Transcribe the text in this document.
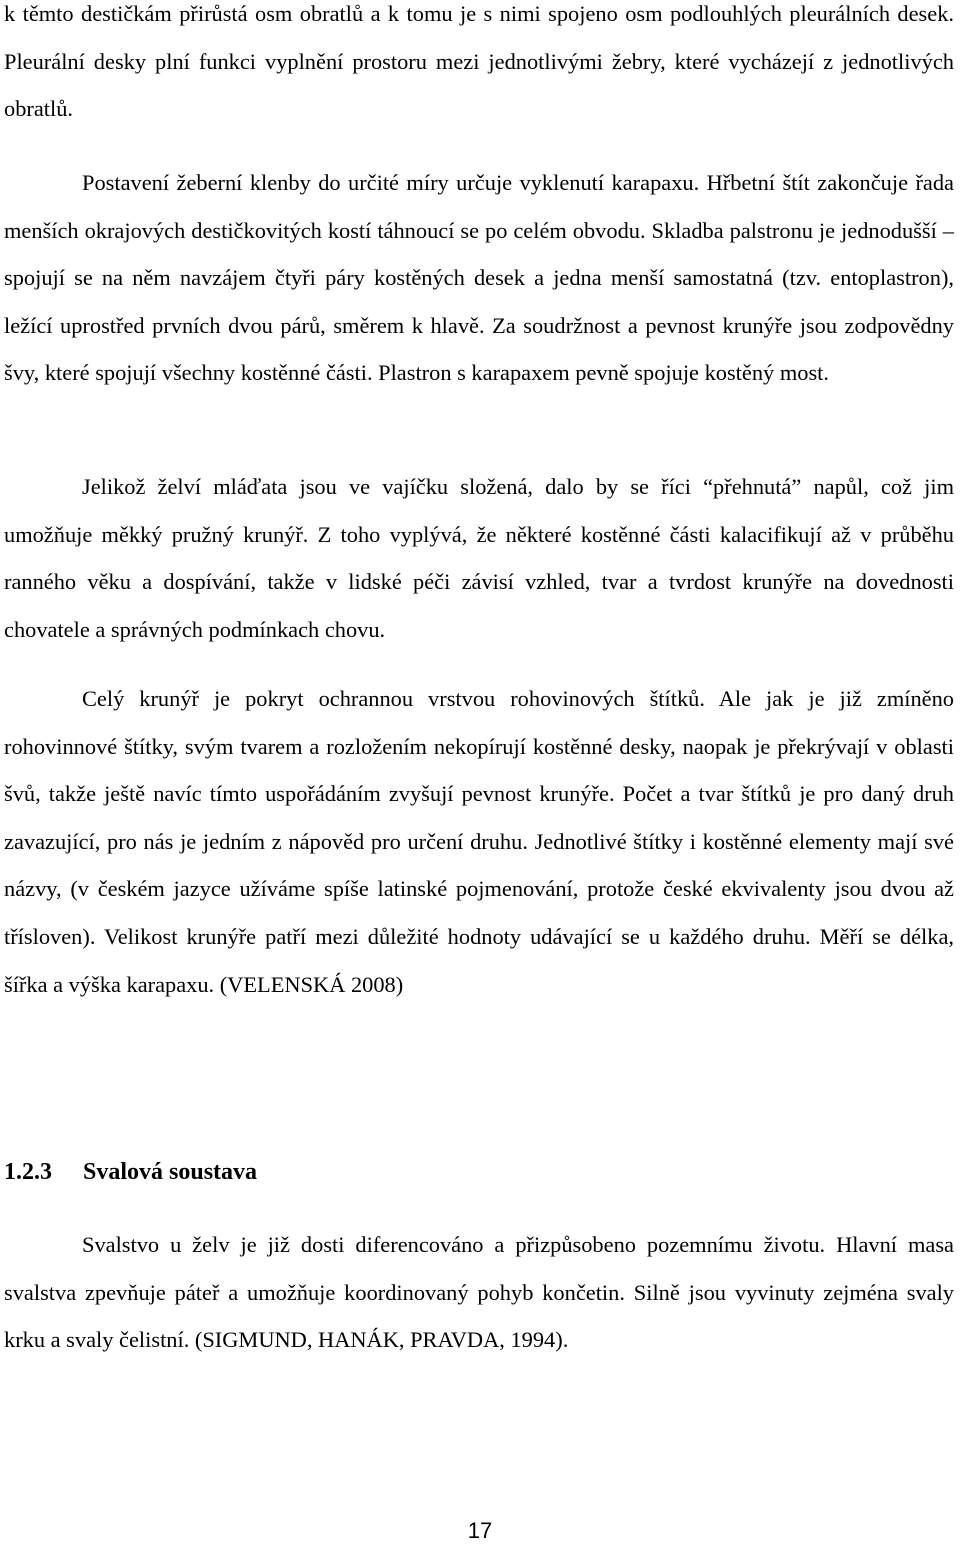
k těmto destičkám přirůstá osm obratlů a k tomu je s nimi spojeno osm podlouhlých pleurálních desek. Pleurální desky plní funkci vyplnění prostoru mezi jednotlivými žebry, které vycházejí z jednotlivých obratlů.

Postavení žeberní klenby do určité míry určuje vyklenutí karapaxu. Hřbetní štít zakončuje řada menších okrajových destičkovitých kostí táhnoucí se po celém obvodu. Skladba palstronu je jednodušší – spojují se na něm navzájem čtyři páry kostěných desek a jedna menší samostatná (tzv. entoplastron), ležící uprostřed prvních dvou párů, směrem k hlavě. Za soudržnost a pevnost krunýře jsou zodpovědny švy, které spojují všechny kostěnné části. Plastron s karapaxem pevně spojuje kostěný most.

Jelikož želví mláďata jsou ve vajíčku složená, dalo by se říci “přehnutá” napůl, což jim umožňuje měkký pružný krunýř. Z toho vyplývá, že některé kostěnné části kalacifikují až v průběhu ranného věku a dospívání, takže v lidské péči závisí vzhled, tvar a tvrdost krunýře na dovednosti chovatele a správných podmínkach chovu.

Celý krunýř je pokryt ochrannou vrstvou rohovinových štítků. Ale jak je již zmíněno rohovinnové štítky, svým tvarem a rozložením nekopírují kostěnné desky, naopak je překrývají v oblasti švů, takže ještě navíc tímto uspořádáním zvyšují pevnost krunýře. Počet a tvar štítků je pro daný druh zavazující, pro nás je jedním z nápověd pro určení druhu. Jednotlivé štítky i kostěnné elementy mají své názvy, (v českém jazyce užíváme spíše latinské pojmenování, protože české ekvivalenty jsou dvou až třísloven). Velikost krunýře patří mezi důležité hodnoty udávající se u každého druhu. Měří se délka, šířka a výška karapaxu. (VELENSKÁ 2008)

1.2.3 Svalová soustava

Svalstvo u želv je již dosti diferencováno a přizpůsobeno pozemnímu životu. Hlavní masa svalstva zpevňuje páteř a umožňuje koordinovaný pohyb končetin. Silně jsou vyvinuty zejména svaly krku a svaly čelistní. (SIGMUND, HANÁK, PRAVDA, 1994).

17
